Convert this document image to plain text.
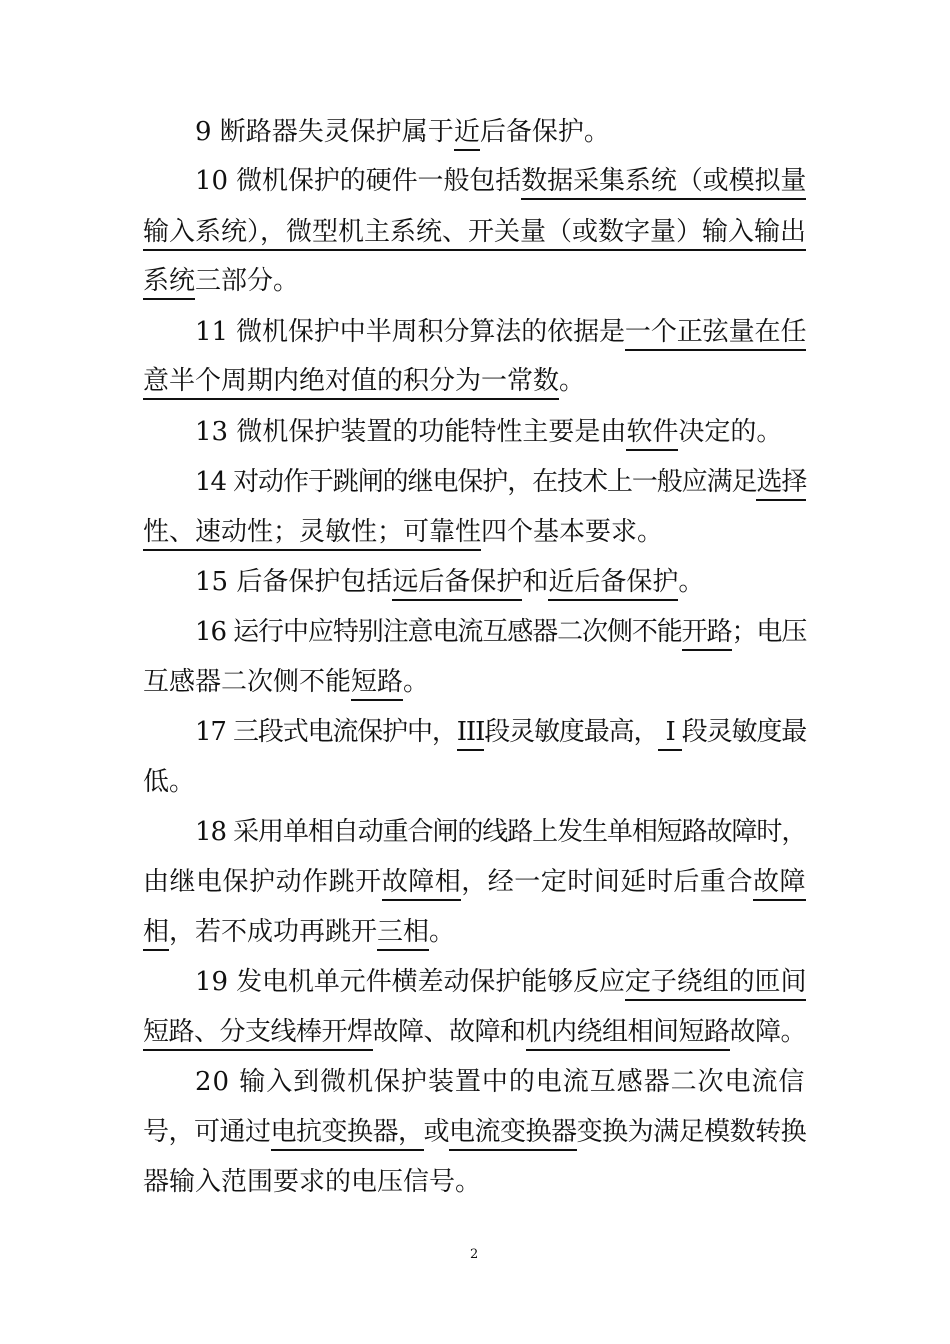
9 断路器失灵保护属于近后备保护。
10 微机保护的硬件一般包括数据采集系统（或模拟量
输入系统），微型机主系统、开关量（或数字量）输入输出
系统三部分。
11 微机保护中半周积分算法的依据是一个正弦量在任
意半个周期内绝对值的积分为一常数。
13 微机保护装置的功能特性主要是由软件决定的。
14 对动作于跳闸的继电保护，在技术上一般应满足选择
性、速动性；灵敏性；可靠性四个基本要求。
15 后备保护包括远后备保护和近后备保护。
16 运行中应特别注意电流互感器二次侧不能开路；电压
互感器二次侧不能短路。
17 三段式电流保护中，III段灵敏度最高， I 段灵敏度最
低。
18 采用单相自动重合闸的线路上发生单相短路故障时，
由继电保护动作跳开故障相，经一定时间延时后重合故障
相，若不成功再跳开三相。
19 发电机单元件横差动保护能够反应定子绕组的匝间
短路、分支线棒开焊故障、故障和机内绕组相间短路故障。
20 输入到微机保护装置中的电流互感器二次电流信
号，可通过电抗变换器，或电流变换器变换为满足模数转换
器输入范围要求的电压信号。
2
